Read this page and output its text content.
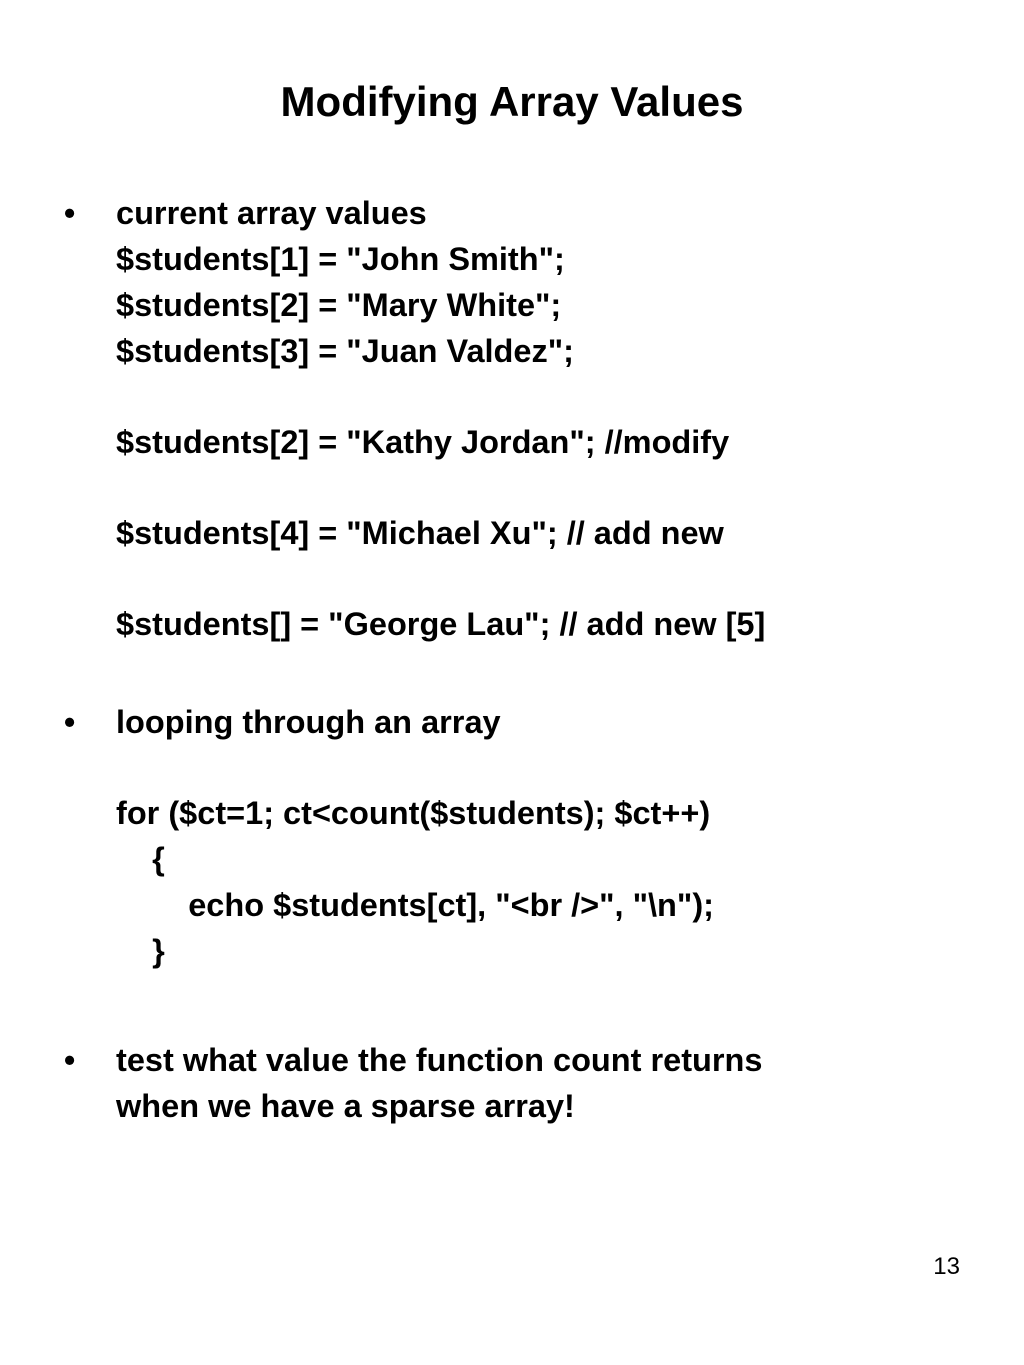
Modifying Array Values
• current array values
$students[1] = "John Smith";
$students[2] = "Mary White";
$students[3] = "Juan Valdez";
$students[2] = "Kathy Jordan"; //modify
$students[4] = "Michael Xu"; // add new
$students[] = "George Lau"; // add new [5]
• looping through an array
for ($ct=1; ct<count($students); $ct++)
{
echo $students[ct], "<br />", "\n");
}
• test what value the function count returns
when we have a sparse array!
13
